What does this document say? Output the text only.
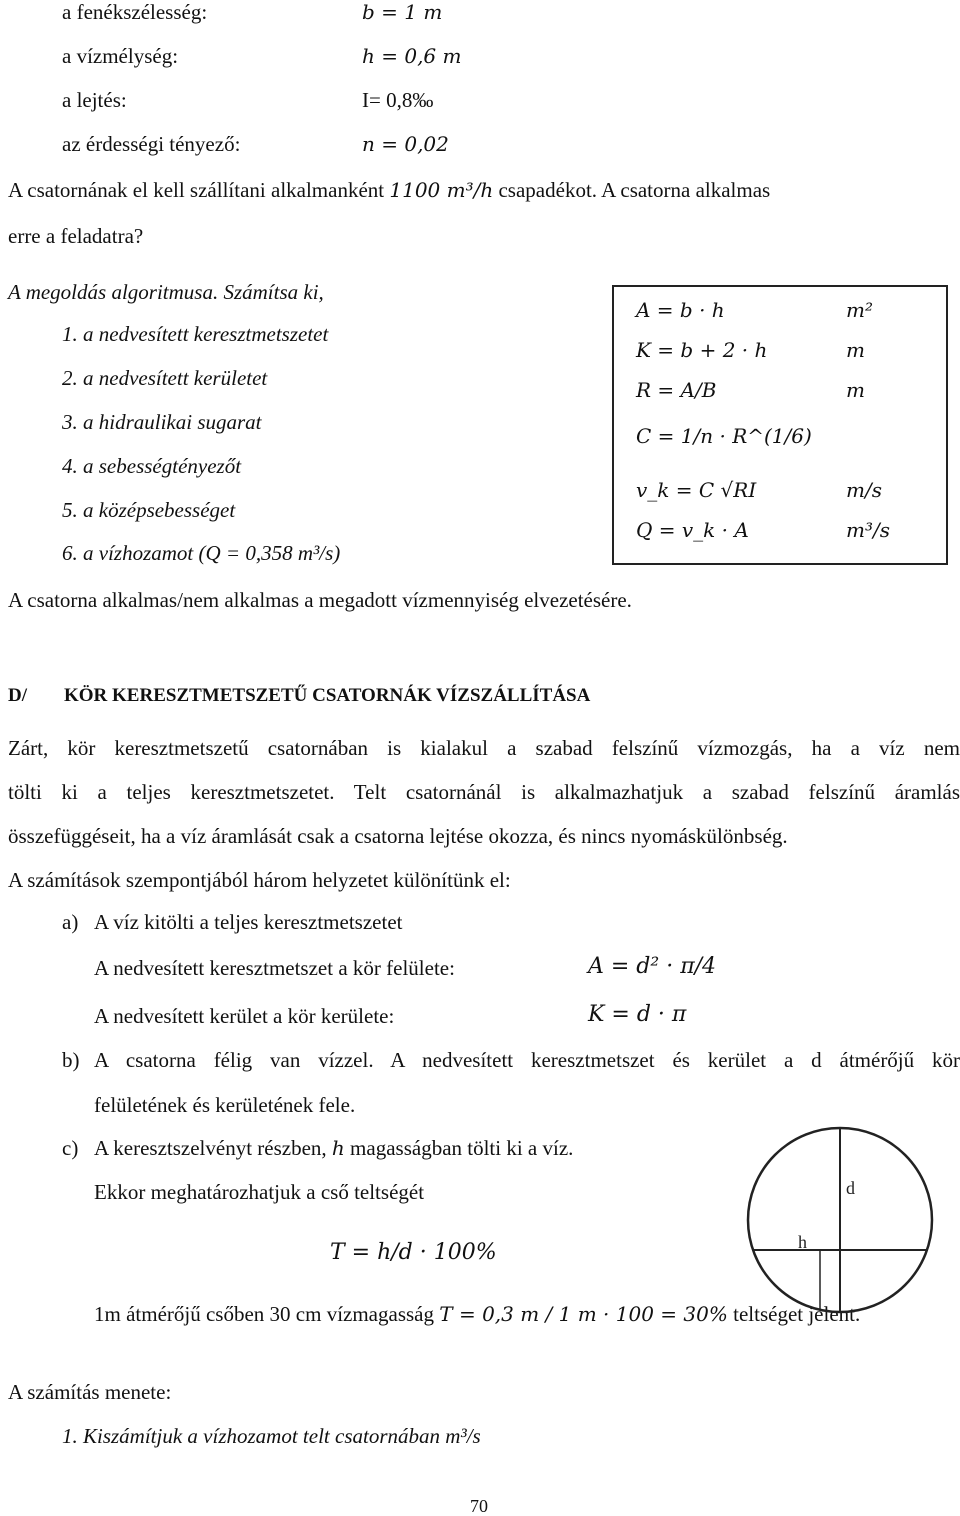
a fenékszélesség:	b = 1 m
a vízmélység:	h = 0,6 m
a lejtés:	I= 0,8‰
az érdességi tényező:	n = 0,02
A csatornának el kell szállítani alkalmanként 1100 m³/h csapadékot. A csatorna alkalmas
erre a feladatra?
A megoldás algoritmusa. Számítsa ki,
1. a nedvesített keresztmetszetet
2. a nedvesített kerületet
3. a hidraulikai sugarat
4. a sebességtényezőt
5. a középsebességet
6. a vízhozamot (Q = 0,358 m³/s)
A csatorna alkalmas/nem alkalmas a megadott vízmennyiség elvezetésére.
A = b · h	m²
K = b + 2 · h	m
R = A/B	m
C = 1/n · R^(1/6)
v_k = C √RI	m/s
Q = v_k · A	m³/s
D/ KÖR KERESZTMETSZETŰ CSATORNÁK VÍZSZÁLLÍTÁSA
Zárt, kör keresztmetszetű csatornában is kialakul a szabad felszínű vízmozgás, ha a víz nem
tölti ki a teljes keresztmetszetet. Telt csatornánál is alkalmazhatjuk a szabad felszínű áramlás
összefüggéseit, ha a víz áramlását csak a csatorna lejtése okozza, és nincs nyomáskülönbség.
A számítások szempontjából három helyzetet különítünk el:
a) A víz kitölti a teljes keresztmetszetet
A nedvesített keresztmetszet a kör felülete:	A = d² · π/4
A nedvesített kerület a kör kerülete:	K = d · π
b) A csatorna félig van vízzel. A nedvesített keresztmetszet és kerület a d átmérőjű kör
felületének és kerületének fele.
c) A keresztszelvényt részben, h magasságban tölti ki a víz.
Ekkor meghatározhatjuk a cső teltségét
T = h/d · 100%
1m átmérőjű csőben 30 cm vízmagasság T = 0,3 m / 1 m · 100 = 30% teltséget jelent.
d
h
A számítás menete:
1. Kiszámítjuk a vízhozamot telt csatornában m³/s
70
